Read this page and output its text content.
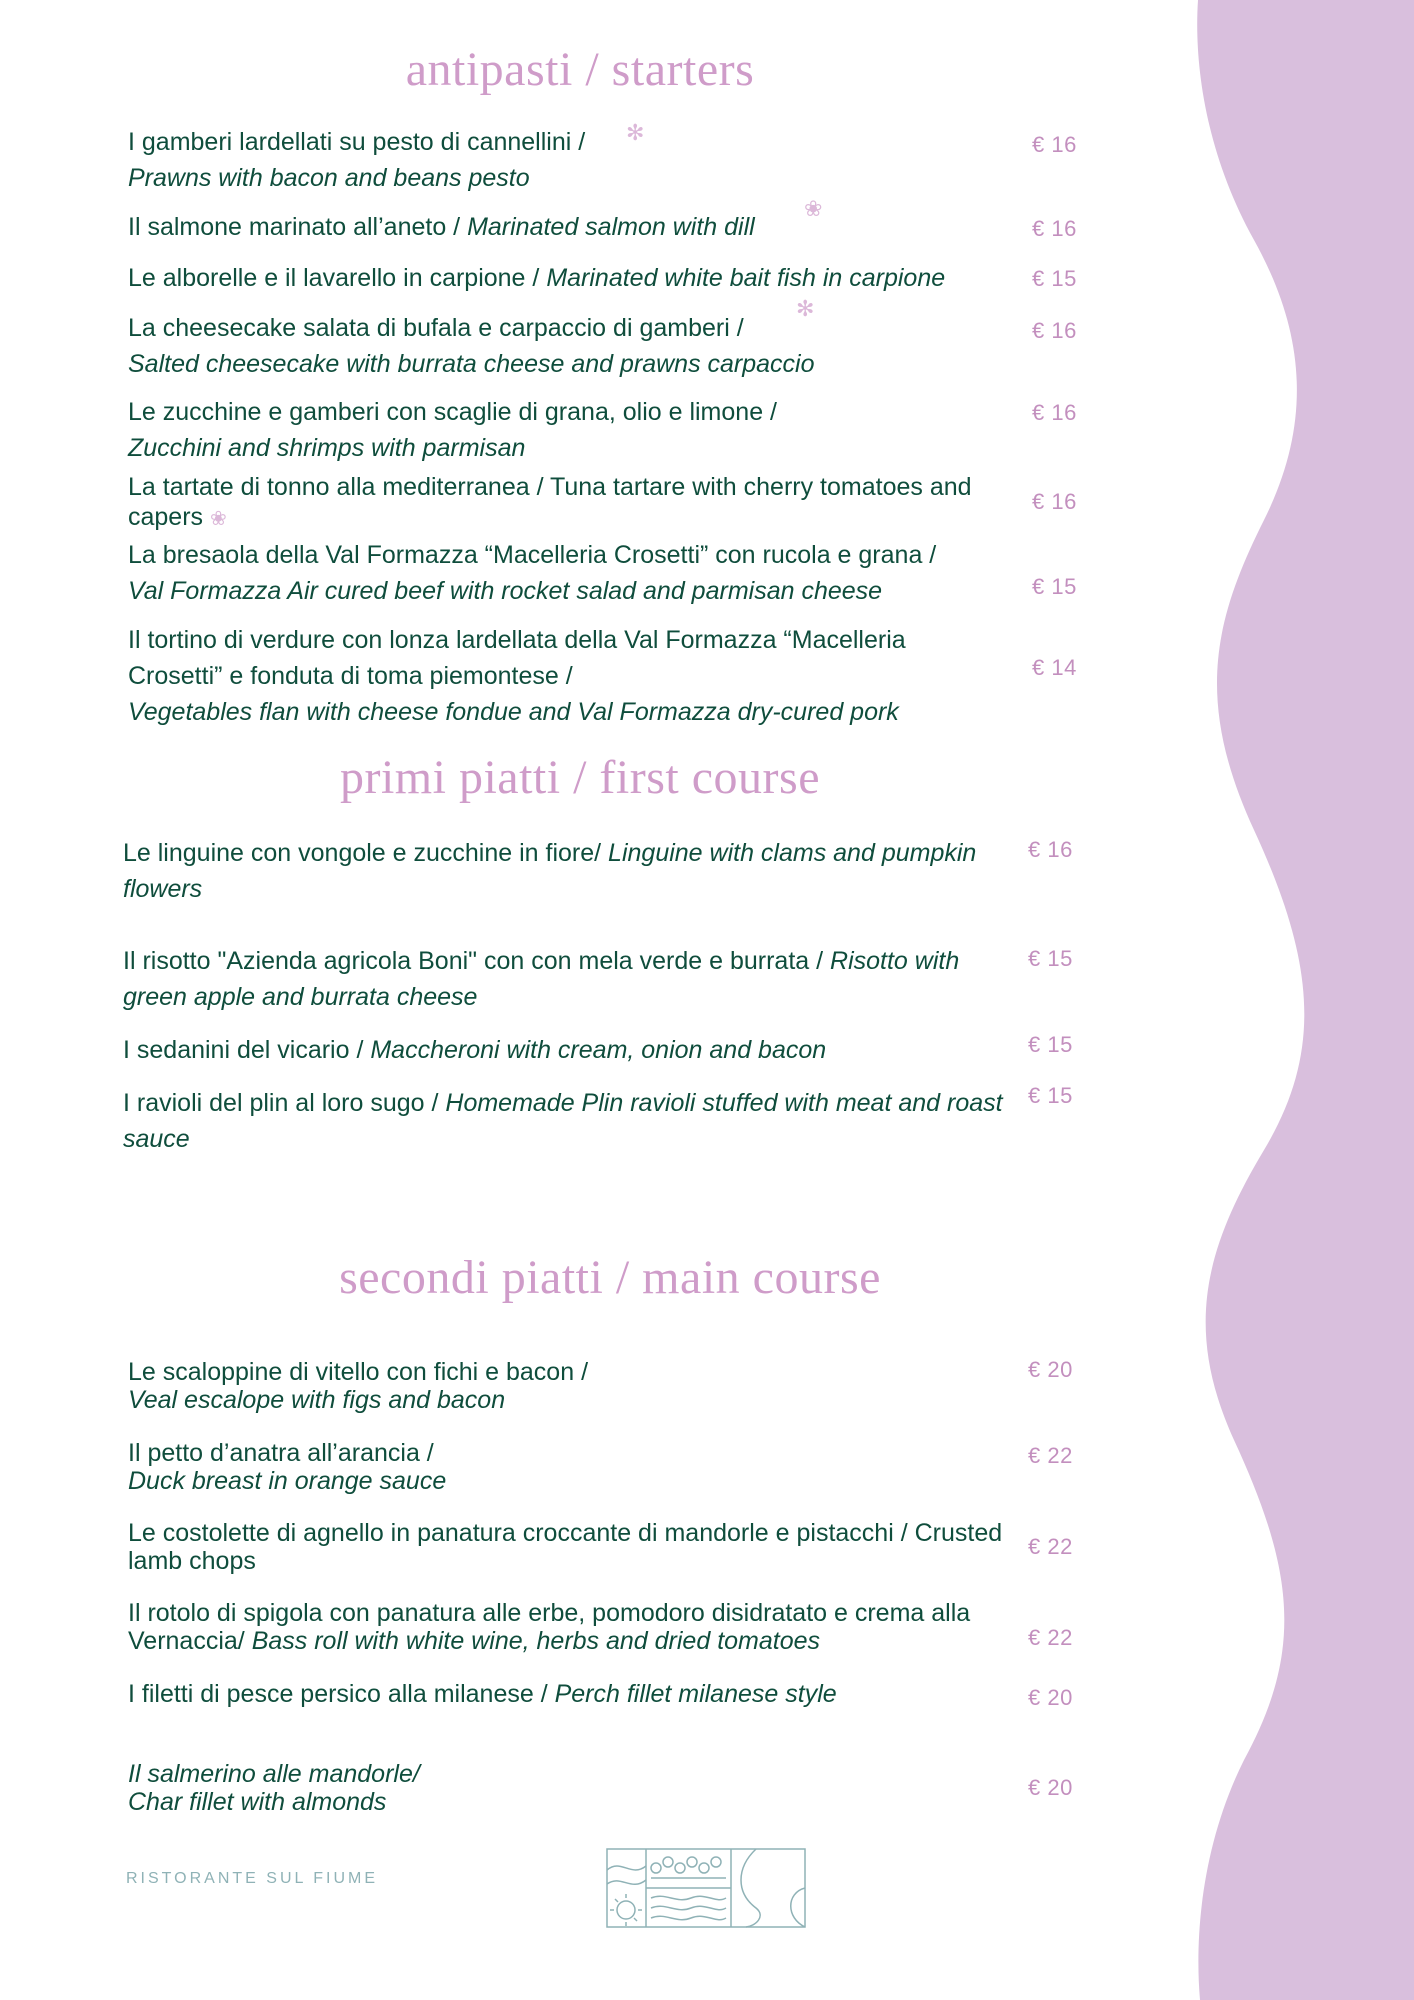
antipasti / starters
I gamberi lardellati su pesto di cannellini /
Prawns with bacon and beans pesto
€ 16
✻
Il salmone marinato all’aneto / Marinated salmon with dill	€ 16
❀
Le alborelle e il lavarello in carpione / Marinated white bait fish in carpione	€ 15
La cheesecake salata di bufala e carpaccio di gamberi /
Salted cheesecake with burrata cheese and prawns carpaccio
€ 16
✻
Le zucchine e gamberi con scaglie di grana, olio e limone /
Zucchini and shrimps with parmisan
€ 16
La tartate di tonno alla mediterranea / Tuna tartare with cherry tomatoes and capers ❀
€ 16
La bresaola della Val Formazza “Macelleria Crosetti” con rucola e grana /
Val Formazza Air cured beef with rocket salad and parmisan cheese	€ 15
Il tortino di verdure con lonza lardellata della Val Formazza “Macelleria Crosetti” e fonduta di toma piemontese /
Vegetables flan with cheese fondue and Val Formazza dry-cured pork
€ 14
primi piatti / first course
Le linguine con vongole e zucchine in fiore/ Linguine with clams and pumpkin flowers
€ 16
Il risotto "Azienda agricola Boni" con con mela verde e burrata / Risotto with green apple and burrata cheese
€ 15
I sedanini del vicario / Maccheroni with cream, onion and bacon	€ 15
I ravioli del plin al loro sugo / Homemade Plin ravioli stuffed with meat and roast sauce
€ 15
secondi piatti / main course
Le scaloppine di vitello con fichi e bacon /
Veal escalope with figs and bacon
€ 20
Il petto d’anatra all’arancia /
Duck breast in orange sauce
€ 22
Le costolette di agnello in panatura croccante di mandorle e pistacchi / Crusted lamb chops
€ 22
Il rotolo di spigola con panatura alle erbe, pomodoro disidratato e crema alla Vernaccia/ Bass roll with white wine, herbs and dried tomatoes	€ 22
I filetti di pesce persico alla milanese / Perch fillet milanese style	€ 20
Il salmerino alle mandorle/ Char fillet with almonds
€ 20
RISTORANTE SUL FIUME
